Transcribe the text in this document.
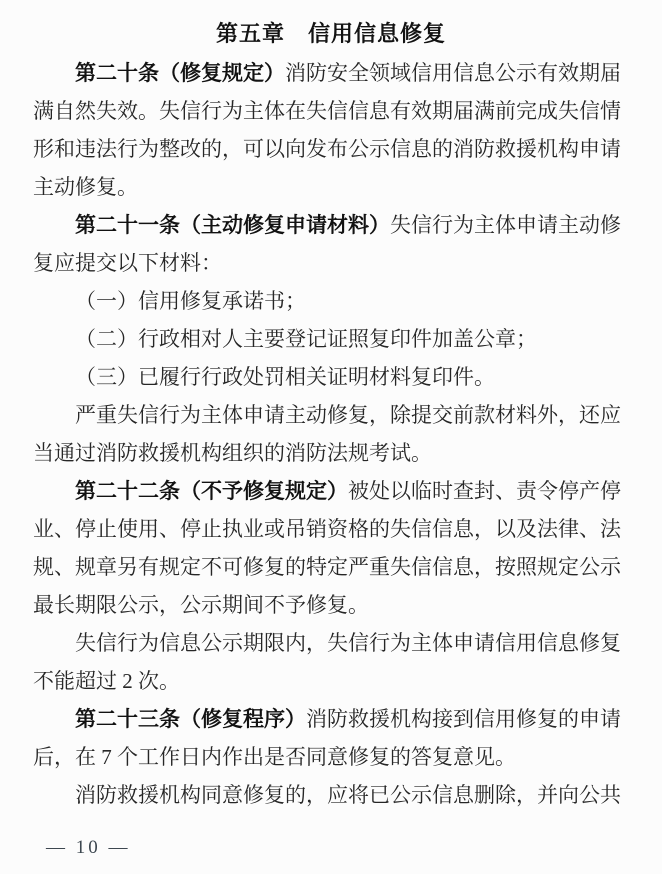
第五章　信用信息修复
第二十条（修复规定）消防安全领域信用信息公示有效期届
满自然失效。失信行为主体在失信信息有效期届满前完成失信情
形和违法行为整改的，可以向发布公示信息的消防救援机构申请
主动修复。
第二十一条（主动修复申请材料）失信行为主体申请主动修
复应提交以下材料：
（一）信用修复承诺书；
（二）行政相对人主要登记证照复印件加盖公章；
（三）已履行行政处罚相关证明材料复印件。
严重失信行为主体申请主动修复，除提交前款材料外，还应
当通过消防救援机构组织的消防法规考试。
第二十二条（不予修复规定）被处以临时查封、责令停产停
业、停止使用、停止执业或吊销资格的失信信息，以及法律、法
规、规章另有规定不可修复的特定严重失信信息，按照规定公示
最长期限公示，公示期间不予修复。
失信行为信息公示期限内，失信行为主体申请信用信息修复
不能超过 2 次。
第二十三条（修复程序）消防救援机构接到信用修复的申请
后，在 7 个工作日内作出是否同意修复的答复意见。
消防救援机构同意修复的，应将已公示信息删除，并向公共
— 10 —
